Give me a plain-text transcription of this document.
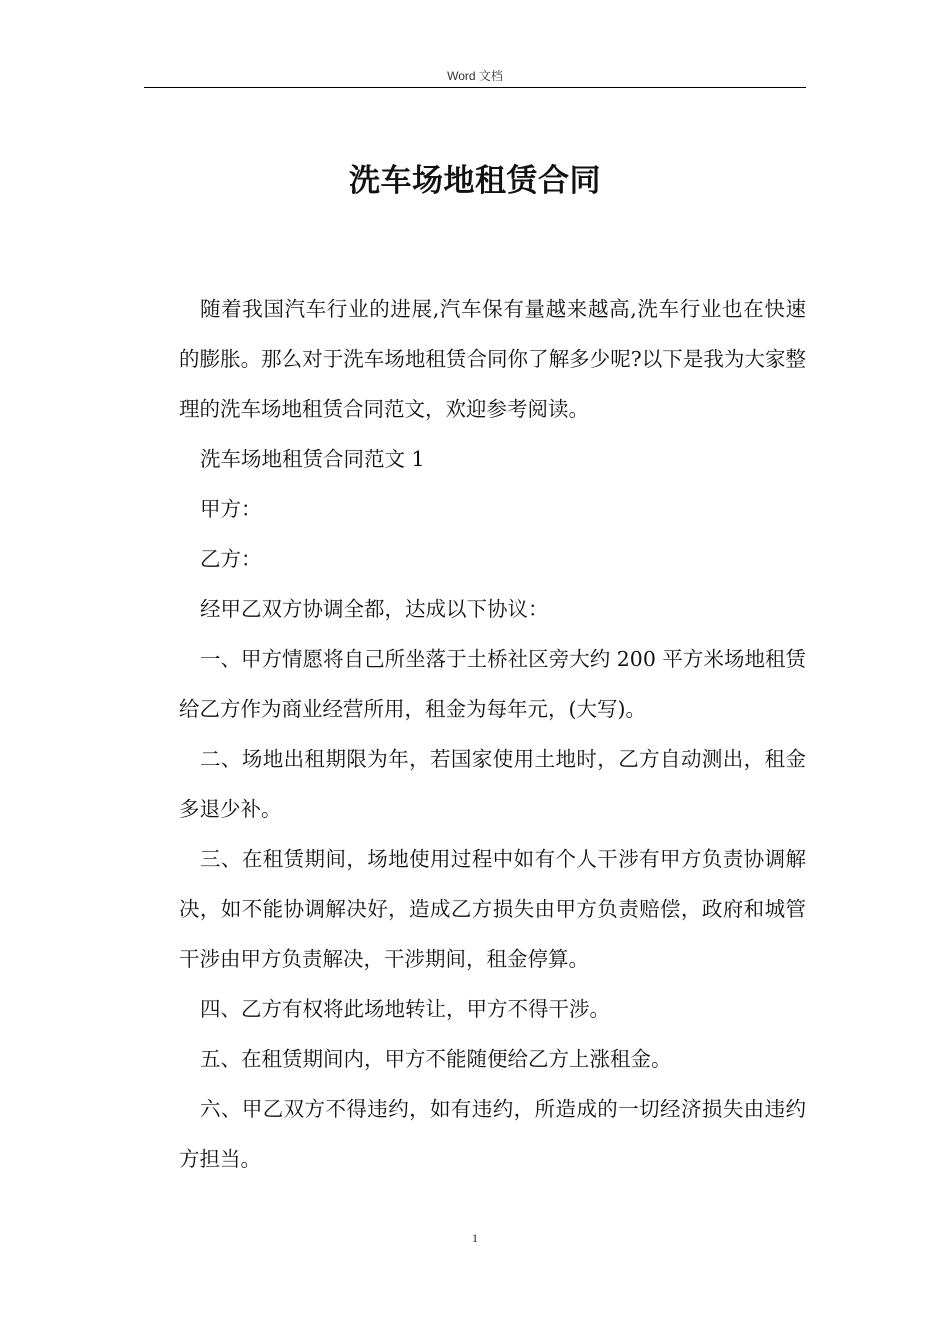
Word 文档
洗车场地租赁合同

随着我国汽车行业的进展,汽车保有量越来越高,洗车行业也在快速的膨胀。那么对于洗车场地租赁合同你了解多少呢?以下是我为大家整理的洗车场地租赁合同范文，欢迎参考阅读。

洗车场地租赁合同范文 1

甲方：

乙方：

经甲乙双方协调全都，达成以下协议：

一、甲方情愿将自己所坐落于土桥社区旁大约 200 平方米场地租赁给乙方作为商业经营所用，租金为每年元，(大写)。

二、场地出租期限为年，若国家使用土地时，乙方自动测出，租金多退少补。

三、在租赁期间，场地使用过程中如有个人干涉有甲方负责协调解决，如不能协调解决好，造成乙方损失由甲方负责赔偿，政府和城管干涉由甲方负责解决，干涉期间，租金停算。

四、乙方有权将此场地转让，甲方不得干涉。

五、在租赁期间内，甲方不能随便给乙方上涨租金。

六、甲乙双方不得违约，如有违约，所造成的一切经济损失由违约方担当。

1
